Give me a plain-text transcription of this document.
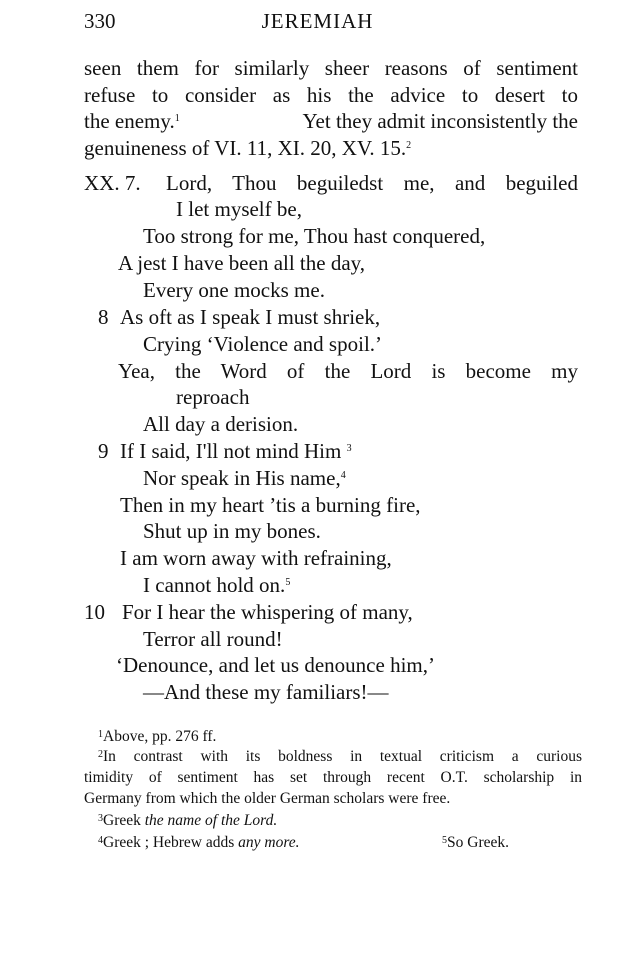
330	JEREMIAH
seen them for similarly sheer reasons of sentiment
refuse to consider as his the advice to desert to
the enemy.$^1$	Yet they admit inconsistently the
genuineness of VI. 11, XI. 20, XV. 15.$^2$
XX. 7. Lord, Thou beguiledst me, and beguiled
I let myself be,
Too strong for me, Thou hast conquered,
A jest I have been all the day,
Every one mocks me.
8 As oft as I speak I must shriek,
Crying ‘Violence and spoil.’
Yea, the Word of the Lord is become my
reproach
All day a derision.
9 If I said, I'll not mind Him $^3$
Nor speak in His name,$^4$
Then in my heart ’tis a burning fire,
Shut up in my bones.
I am worn away with refraining,
I cannot hold on.$^5$
10 For I hear the whispering of many,
Terror all round!
‘Denounce, and let us denounce him,’
—And these my familiars!—
$^1$Above, pp. 276 ff.
$^2$In contrast with its boldness in textual criticism a curious
timidity of sentiment has set through recent O.T. scholarship in
Germany from which the older German scholars were free.
$^3$Greek the name of the Lord.
$^4$Greek ; Hebrew adds any more.	$^5$So Greek.
